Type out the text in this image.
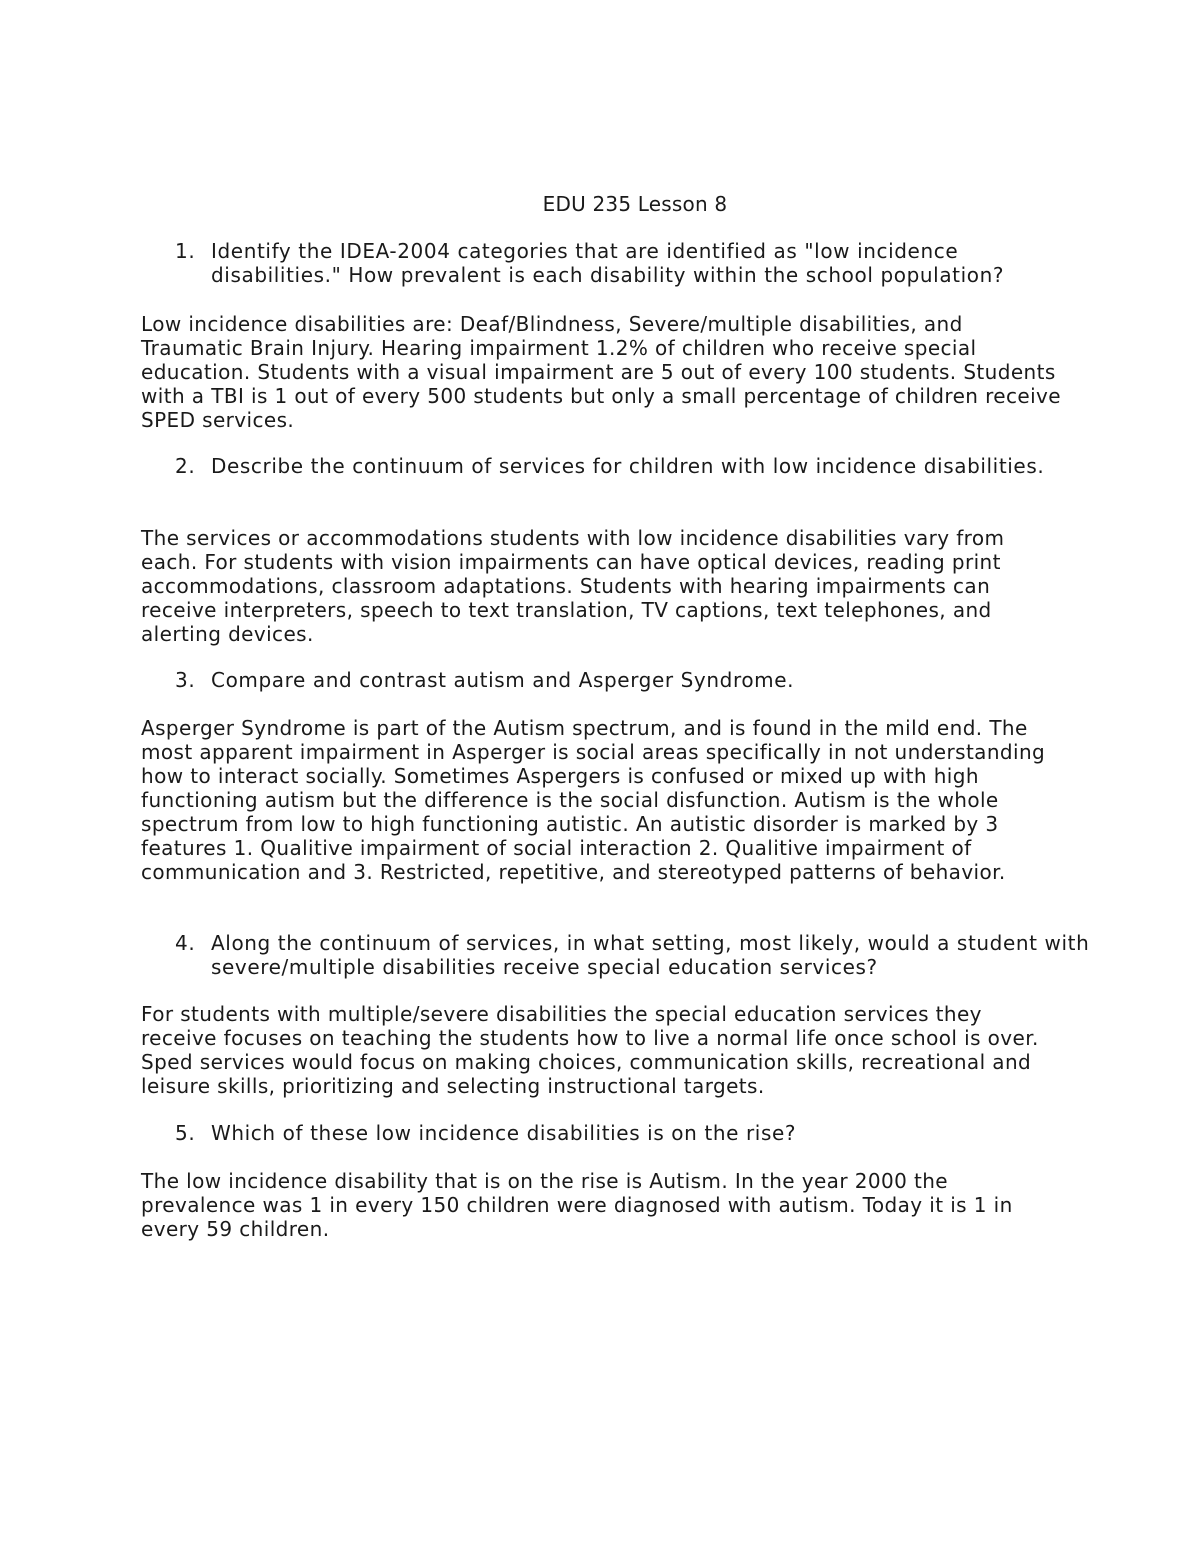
EDU 235 Lesson 8
1. Identify the IDEA-2004 categories that are identified as "low incidence disabilities." How prevalent is each disability within the school population?
Low incidence disabilities are: Deaf/Blindness, Severe/multiple disabilities, and Traumatic Brain Injury. Hearing impairment 1.2% of children who receive special education. Students with a visual impairment are 5 out of every 100 students. Students with a TBI is 1 out of every 500 students but only a small percentage of children receive SPED services.
2. Describe the continuum of services for children with low incidence disabilities.
The services or accommodations students with low incidence disabilities vary from each. For students with vision impairments can have optical devices, reading print accommodations, classroom adaptations. Students with hearing impairments can receive interpreters, speech to text translation, TV captions, text telephones, and alerting devices.
3. Compare and contrast autism and Asperger Syndrome.
Asperger Syndrome is part of the Autism spectrum, and is found in the mild end. The most apparent impairment in Asperger is social areas specifically in not understanding how to interact socially. Sometimes Aspergers is confused or mixed up with high functioning autism but the difference is the social disfunction. Autism is the whole spectrum from low to high functioning autistic. An autistic disorder is marked by 3 features 1. Qualitive impairment of social interaction 2. Qualitive impairment of communication and 3. Restricted, repetitive, and stereotyped patterns of behavior.
4. Along the continuum of services, in what setting, most likely, would a student with severe/multiple disabilities receive special education services?
For students with multiple/severe disabilities the special education services they receive focuses on teaching the students how to live a normal life once school is over. Sped services would focus on making choices, communication skills, recreational and leisure skills, prioritizing and selecting instructional targets.
5. Which of these low incidence disabilities is on the rise?
The low incidence disability that is on the rise is Autism. In the year 2000 the prevalence was 1 in every 150 children were diagnosed with autism. Today it is 1 in every 59 children.
